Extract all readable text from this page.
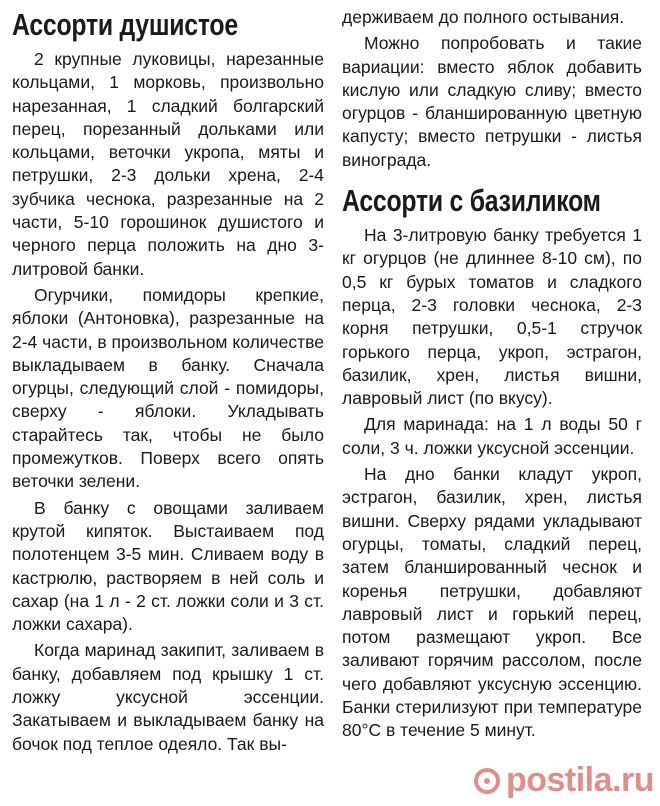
Ассорти душистое

2 крупные луковицы, нарезанные кольцами, 1 морковь, произвольно нарезанная, 1 сладкий болгарский перец, порезанный дольками или кольцами, веточки укропа, мяты и петрушки, 2-3 дольки хрена, 2-4 зубчика чеснока, разрезанные на 2 части, 5-10 горошинок душистого и черного перца положить на дно 3-литровой банки.

Огурчики, помидоры крепкие, яблоки (Антоновка), разрезанные на 2-4 части, в произвольном количестве выкладываем в банку. Сначала огурцы, следующий слой - помидоры, сверху - яблоки. Укладывать старайтесь так, чтобы не было промежутков. Поверх всего опять веточки зелени.

В банку с овощами заливаем крутой кипяток. Выстаиваем под полотенцем 3-5 мин. Сливаем воду в кастрюлю, растворяем в ней соль и сахар (на 1 л - 2 ст. ложки соли и 3 ст. ложки сахара).

Когда маринад закипит, заливаем в банку, добавляем под крышку 1 ст. ложку уксусной эссенции. Закатываем и выкладываем банку на бочок под теплое одеяло. Так вы-

держиваем до полного остывания.

Можно попробовать и такие вариации: вместо яблок добавить кислую или сладкую сливу; вместо огурцов - бланшированную цветную капусту; вместо петрушки - листья винограда.

Ассорти с базиликом

На 3-литровую банку требуется 1 кг огурцов (не длиннее 8-10 см), по 0,5 кг бурых томатов и сладкого перца, 2-3 головки чеснока, 2-3 корня петрушки, 0,5-1 стручок горького перца, укроп, эстрагон, базилик, хрен, листья вишни, лавровый лист (по вкусу).

Для маринада: на 1 л воды 50 г соли, 3 ч. ложки уксусной эссенции.

На дно банки кладут укроп, эстрагон, базилик, хрен, листья вишни. Сверху рядами укладывают огурцы, томаты, сладкий перец, затем бланшированный чеснок и коренья петрушки, добавляют лавровый лист и горький перец, потом размещают укроп. Все заливают горячим рассолом, после чего добавляют уксусную эссенцию. Банки стерилизуют при температуре 80°С в течение 5 минут.

postila.ru
